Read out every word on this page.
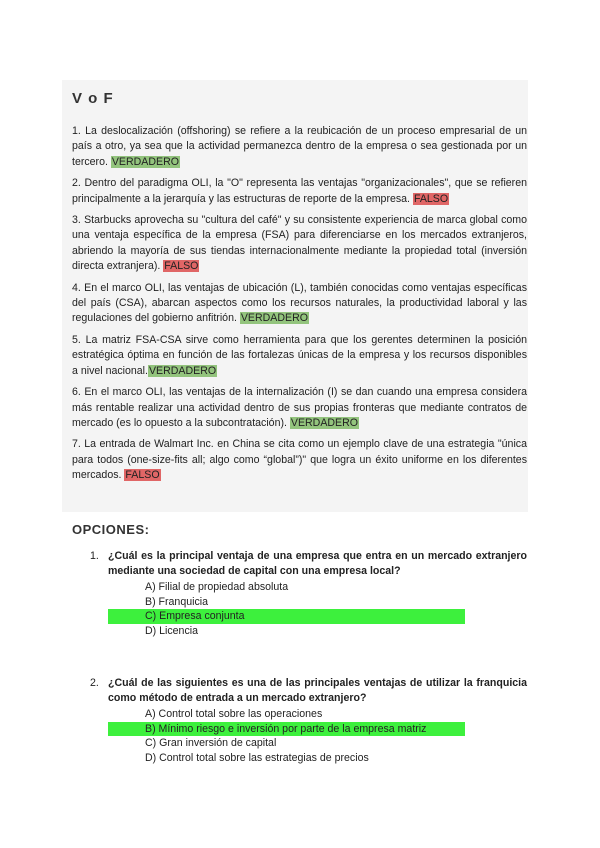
V o F

1. La deslocalización (offshoring) se refiere a la reubicación de un proceso empresarial de un país a otro, ya sea que la actividad permanezca dentro de la empresa o sea gestionada por un tercero. VERDADERO

2. Dentro del paradigma OLI, la "O" representa las ventajas "organizacionales", que se refieren principalmente a la jerarquía y las estructuras de reporte de la empresa. FALSO

3. Starbucks aprovecha su "cultura del café" y su consistente experiencia de marca global como una ventaja específica de la empresa (FSA) para diferenciarse en los mercados extranjeros, abriendo la mayoría de sus tiendas internacionalmente mediante la propiedad total (inversión directa extranjera). FALSO

4. En el marco OLI, las ventajas de ubicación (L), también conocidas como ventajas específicas del país (CSA), abarcan aspectos como los recursos naturales, la productividad laboral y las regulaciones del gobierno anfitrión. VERDADERO

5. La matriz FSA-CSA sirve como herramienta para que los gerentes determinen la posición estratégica óptima en función de las fortalezas únicas de la empresa y los recursos disponibles a nivel nacional.VERDADERO

6. En el marco OLI, las ventajas de la internalización (I) se dan cuando una empresa considera más rentable realizar una actividad dentro de sus propias fronteras que mediante contratos de mercado (es lo opuesto a la subcontratación). VERDADERO

7. La entrada de Walmart Inc. en China se cita como un ejemplo clave de una estrategia "única para todos (one-size-fits all; algo como “global”)" que logra un éxito uniforme en los diferentes mercados. FALSO

OPCIONES:
1. ¿Cuál es la principal ventaja de una empresa que entra en un mercado extranjero mediante una sociedad de capital con una empresa local?
A) Filial de propiedad absoluta
B) Franquicia
C) Empresa conjunta
D) Licencia
2. ¿Cuál de las siguientes es una de las principales ventajas de utilizar la franquicia como método de entrada a un mercado extranjero?
A) Control total sobre las operaciones
B) Mínimo riesgo e inversión por parte de la empresa matriz
C) Gran inversión de capital
D) Control total sobre las estrategias de precios
